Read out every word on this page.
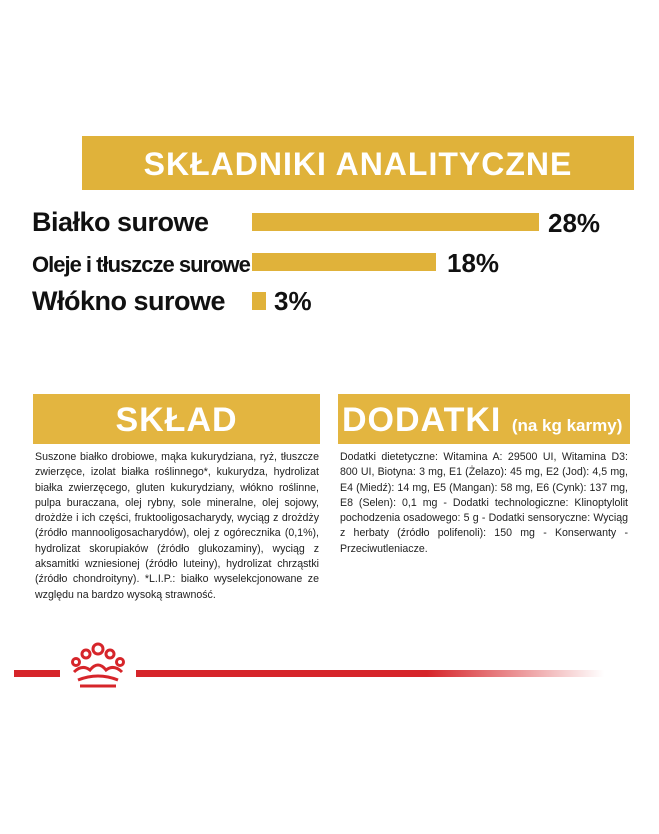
SKŁADNIKI ANALITYCZNE
Białko surowe	28%
Oleje i tłuszcze surowe	18%
Włókno surowe 3%
SKŁAD
Suszone białko drobiowe, mąka kukurydziana, ryż, tłuszcze zwierzęce, izolat białka roślinnego*, kukurydza, hydrolizat białka zwierzęcego, gluten kukurydziany, włókno roślinne, pulpa buraczana, olej rybny, sole mineralne, olej sojowy, drożdże i ich części, fruktooligosacharydy, wyciąg z drożdży (źródło mannooligosacharydów), olej z ogórecznika (0,1%), hydrolizat skorupiaków (źródło glukozaminy), wyciąg z aksamitki wzniesionej (źródło luteiny), hydrolizat chrząstki (źródło chondroityny). *L.I.P.: białko wyselekcjonowane ze względu na bardzo wysoką strawność.
DODATKI (na kg karmy)
Dodatki dietetyczne: Witamina A: 29500 UI, Witamina D3: 800 UI, Biotyna: 3 mg, E1 (Żelazo): 45 mg, E2 (Jod): 4,5 mg, E4 (Miedź): 14 mg, E5 (Mangan): 58 mg, E6 (Cynk): 137 mg, E8 (Selen): 0,1 mg - Dodatki technologiczne: Klinoptylolit pochodzenia osadowego: 5 g - Dodatki sensoryczne: Wyciąg z herbaty (źródło polifenoli): 150 mg - Konserwanty - Przeciwutleniacze.
